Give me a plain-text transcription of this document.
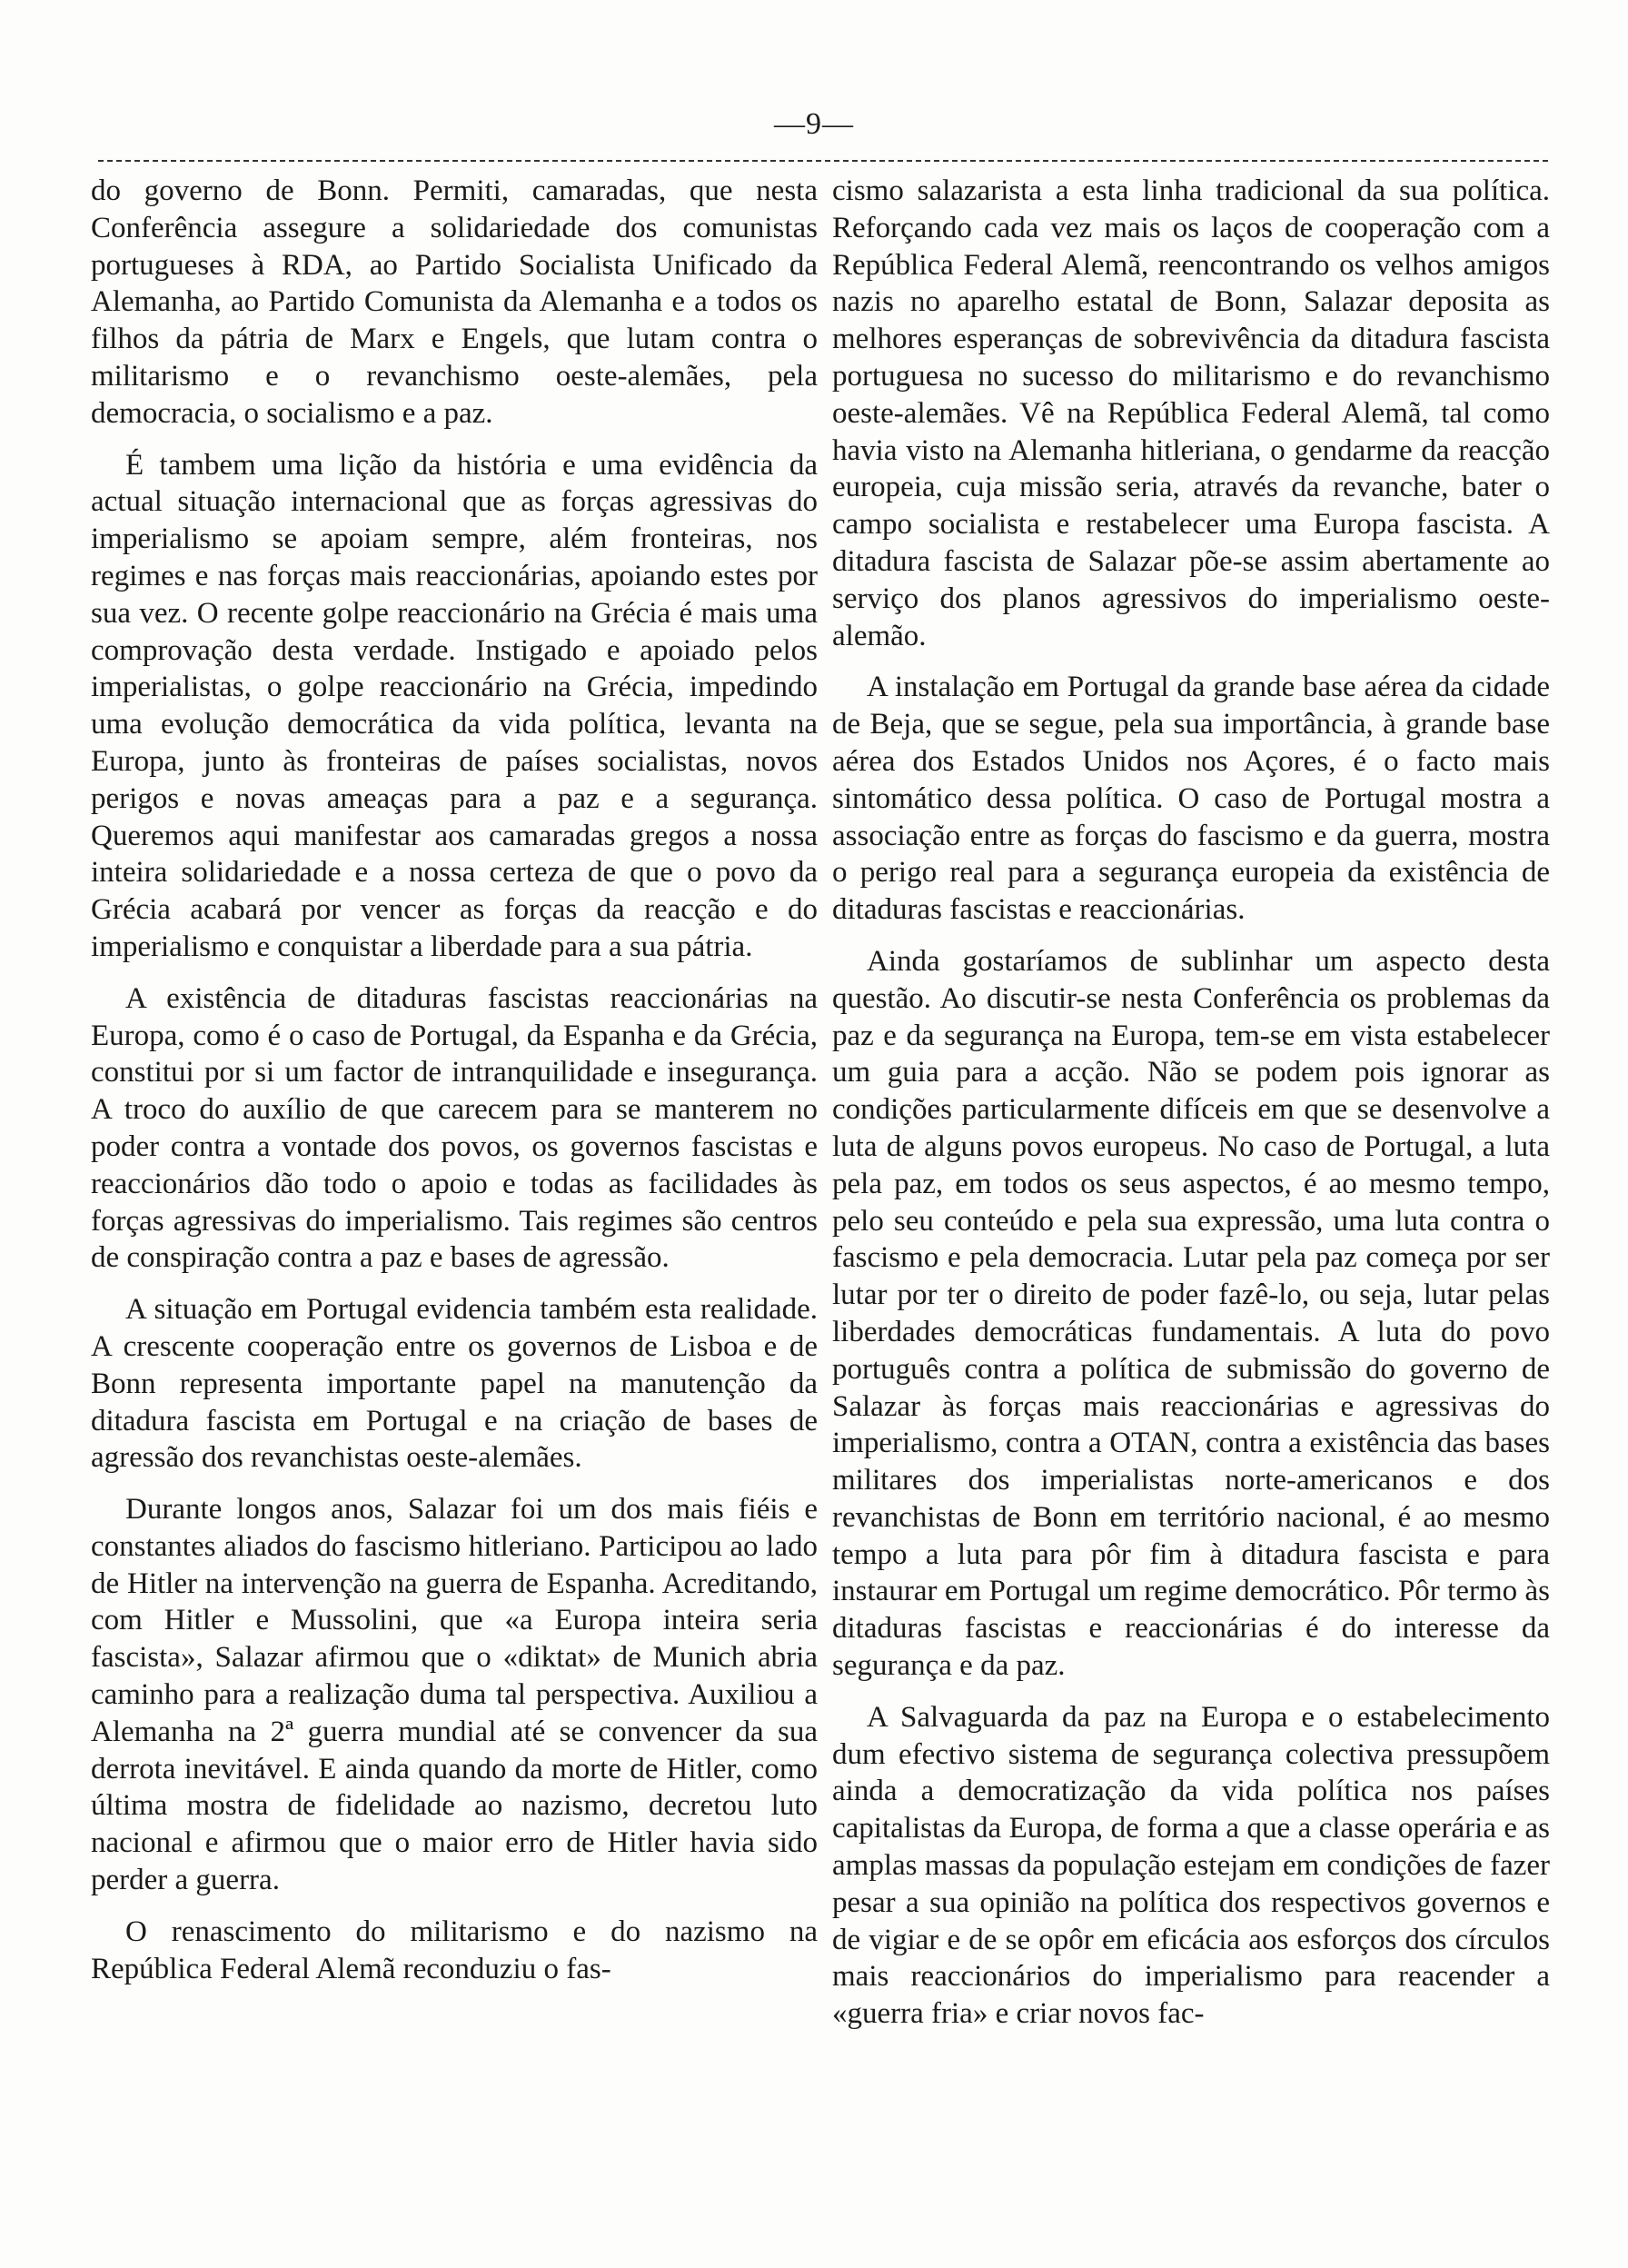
—9—

do governo de Bonn. Permiti, camaradas, que nesta Conferência assegure a solidariedade dos comunistas portugueses à RDA, ao Partido Socialista Unificado da Alemanha, ao Partido Comunista da Alemanha e a todos os filhos da pátria de Marx e Engels, que lutam contra o militarismo e o revanchismo oeste-alemães, pela democracia, o socialismo e a paz.

É tambem uma lição da história e uma evidência da actual situação internacional que as forças agressivas do imperialismo se apoiam sempre, além fronteiras, nos regimes e nas forças mais reaccionárias, apoiando estes por sua vez. O recente golpe reaccionário na Grécia é mais uma comprovação desta verdade. Instigado e apoiado pelos imperialistas, o golpe reaccionário na Grécia, impedindo uma evolução democrática da vida política, levanta na Europa, junto às fronteiras de países socialistas, novos perigos e novas ameaças para a paz e a segurança. Queremos aqui manifestar aos camaradas gregos a nossa inteira solidariedade e a nossa certeza de que o povo da Grécia acabará por vencer as forças da reacção e do imperialismo e conquistar a liberdade para a sua pátria.

A existência de ditaduras fascistas reaccionárias na Europa, como é o caso de Portugal, da Espanha e da Grécia, constitui por si um factor de intranquilidade e insegurança. A troco do auxílio de que carecem para se manterem no poder contra a vontade dos povos, os governos fascistas e reaccionários dão todo o apoio e todas as facilidades às forças agressivas do imperialismo. Tais regimes são centros de conspiração contra a paz e bases de agressão.

A situação em Portugal evidencia também esta realidade. A crescente cooperação entre os governos de Lisboa e de Bonn representa importante papel na manutenção da ditadura fascista em Portugal e na criação de bases de agressão dos revanchistas oeste-alemães.

Durante longos anos, Salazar foi um dos mais fiéis e constantes aliados do fascismo hitleriano. Participou ao lado de Hitler na intervenção na guerra de Espanha. Acreditando, com Hitler e Mussolini, que «a Europa inteira seria fascista», Salazar afirmou que o «diktat» de Munich abria caminho para a realização duma tal perspectiva. Auxiliou a Alemanha na 2ª guerra mundial até se convencer da sua derrota inevitável. E ainda quando da morte de Hitler, como última mostra de fidelidade ao nazismo, decretou luto nacional e afirmou que o maior erro de Hitler havia sido perder a guerra.

O renascimento do militarismo e do nazismo na República Federal Alemã reconduziu o fas-

cismo salazarista a esta linha tradicional da sua política. Reforçando cada vez mais os laços de cooperação com a República Federal Alemã, reencontrando os velhos amigos nazis no aparelho estatal de Bonn, Salazar deposita as melhores esperanças de sobrevivência da ditadura fascista portuguesa no sucesso do militarismo e do revanchismo oeste-alemães. Vê na República Federal Alemã, tal como havia visto na Alemanha hitleriana, o gendarme da reacção europeia, cuja missão seria, através da revanche, bater o campo socialista e restabelecer uma Europa fascista. A ditadura fascista de Salazar põe-se assim abertamente ao serviço dos planos agressivos do imperialismo oeste-alemão.

A instalação em Portugal da grande base aérea da cidade de Beja, que se segue, pela sua importância, à grande base aérea dos Estados Unidos nos Açores, é o facto mais sintomático dessa política. O caso de Portugal mostra a associação entre as forças do fascismo e da guerra, mostra o perigo real para a segurança europeia da existência de ditaduras fascistas e reaccionárias.

Ainda gostaríamos de sublinhar um aspecto desta questão. Ao discutir-se nesta Conferência os problemas da paz e da segurança na Europa, tem-se em vista estabelecer um guia para a acção. Não se podem pois ignorar as condições particularmente difíceis em que se desenvolve a luta de alguns povos europeus. No caso de Portugal, a luta pela paz, em todos os seus aspectos, é ao mesmo tempo, pelo seu conteúdo e pela sua expressão, uma luta contra o fascismo e pela democracia. Lutar pela paz começa por ser lutar por ter o direito de poder fazê-lo, ou seja, lutar pelas liberdades democráticas fundamentais. A luta do povo português contra a política de submissão do governo de Salazar às forças mais reaccionárias e agressivas do imperialismo, contra a OTAN, contra a existência das bases militares dos imperialistas norte-americanos e dos revanchistas de Bonn em território nacional, é ao mesmo tempo a luta para pôr fim à ditadura fascista e para instaurar em Portugal um regime democrático. Pôr termo às ditaduras fascistas e reaccionárias é do interesse da segurança e da paz.

A Salvaguarda da paz na Europa e o estabelecimento dum efectivo sistema de segurança colectiva pressupõem ainda a democratização da vida política nos países capitalistas da Europa, de forma a que a classe operária e as amplas massas da população estejam em condições de fazer pesar a sua opinião na política dos respectivos governos e de vigiar e de se opôr em eficácia aos esforços dos círculos mais reaccionários do imperialismo para reacender a «guerra fria» e criar novos fac-
